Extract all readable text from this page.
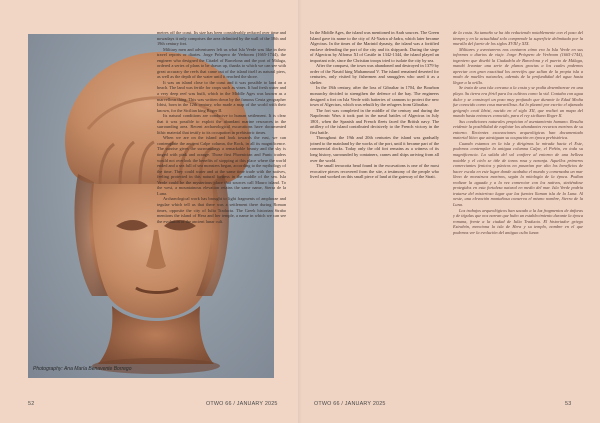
Photography: Ana María Benavente Borrego

metres off the coast. Its size has been considerably reduced over time and nowadays it only comprises the area delimited by the wall of the 18th and 19th century fort.

Military men and adventurers left us what Isla Verde was like in their travel reports or diaries. Jorge Próspero de Verboom (1665-1744), the engineer who designed the Citadel of Barcelona and the port of Málaga, ordered a series of plans to be drawn up, thanks to which we can see with great accuracy the reefs that came out of the island itself as natural piers, as well as the depth of the water until it reached the shore.

It was an island close to the coast and it was possible to land on a beach. The land was fertile for crops such as vines. It had fresh water and a very deep reef was built, which in the Middle Ages was known as a marvellous thing. This was written down by the famous Ceuta geographer Idrisi, born in the 12th century, who made a map of the world with their known, for the Sicilian king Roger II.

Its natural conditions are conducive to human settlement. It is clear that it was possible to exploit the abundant marine resources in the surrounding area. Recent archaeological excavations have documented lithic material that testify to its occupation in prehistoric times.

When we are on the island and look towards the east, we can contemplate the ancient Calpe column, the Rock, in all its magnificence. The sunrise gives the surroundings a remarkable beauty and the sky is tinged with pink and orange. Those first Phoenician and Punic traders would not overlook the benefits of stopping at this place where the world ended and a sea full of sea monsters began, according to the mythology of the time. They could water and at the same time trade with the natives, feeling protected in this natural fortress in the middle of the sea. Isla Verde could be the mysterious place that sources call Mauro island. To the west, a mountainous elevation retains the same name, Sierra de la Luna.

Archaeological work has brought to light fragments of amphorae and tegulae which tell us that there was a settlement there during Roman times, opposite the city of Iulia Traducta. The Greek historian Strabo mentions the island of Hera and her temple, a name in which we can see the evolution of the ancient lunar cult.

In the Middle Ages, the island was mentioned in Arab sources. The Green Island gave its name to the city of Al-Yazira al-Jadra, which later became Algeciras. In the times of the Marinid dynasty, the island was a fortified enclave defending the port of the city and its shipyards. During the siege of Algeciras by Alfonso XI of Castile in 1342-1344, the island played an important role, since the Christian troops tried to isolate the city by sea.

After the conquest, the town was abandoned and destroyed in 1379 by order of the Nasrid king Muhammad V. The island remained deserted for centuries, only visited by fishermen and smugglers who used it as a shelter.

In the 18th century, after the loss of Gibraltar in 1704, the Bourbon monarchy decided to strengthen the defence of the bay. The engineers designed a fort on Isla Verde with batteries of cannons to protect the new town of Algeciras, which was rebuilt by the refugees from Gibraltar.

The fort was completed in the middle of the century and during the Napoleonic Wars it took part in the naval battles of Algeciras in July 1801, when the Spanish and French fleets faced the British navy. The artillery of the island contributed decisively to the French victory in the first battle.

Throughout the 19th and 20th centuries the island was gradually joined to the mainland by the works of the port, until it became part of the commercial docks. Today only the old fort remains as a witness of its long history, surrounded by containers, cranes and ships arriving from all over the world.

The small terracotta head found in the excavations is one of the most evocative pieces recovered from the site, a testimony of the people who lived and worked on this small piece of land at the gateway of the Strait.

de la costa. Su tamaño se ha ido reduciendo notablemente con el paso del tiempo y en la actualidad solo comprende la superficie delimitada por la muralla del fuerte de los siglos XVIII y XIX.

Militares y aventureros nos contaron cómo era la Isla Verde en sus informes o diarios de viaje. Jorge Próspero de Verboom (1665-1744), ingeniero que diseñó la Ciudadela de Barcelona y el puerto de Málaga, mandó levantar una serie de planos gracias a los cuales podemos apreciar con gran exactitud los arrecifes que salían de la propia isla a modo de muelles naturales, además de la profundidad del agua hasta llegar a la orilla.

Se trata de una isla cercana a la costa y se podía desembarcar en una playa. Su tierra era fértil para los cultivos como la vid. Contaba con agua dulce y se construyó un pozo muy profundo que durante la Edad Media fue conocido como cosa maravillosa. Así lo plasmó por escrito el afamado geógrafo ceutí Idrisi, nacido en el siglo XII, que realizó un mapa del mundo hasta entonces conocido, para el rey siciliano Roger II.

Sus condiciones naturales propician el asentamiento humano. Resulta evidente la posibilidad de explotar los abundantes recursos marinos de su entorno. Recientes excavaciones arqueológicas han documentado material lítico que atestiguan su ocupación en época prehistórica.

Cuando estamos en la isla y dirigimos la mirada hacia el Este, podemos contemplar la antigua columna Calpe, el Peñón, en toda su magnificencia. La salida del sol confiere al entorno de una belleza notable y el cielo se tiñe de tonos rosa y naranja. Aquellos primeros comerciantes fenicios y púnicos no pasarían por alto los beneficios de hacer escala en este lugar donde acababa el mundo y comenzaba un mar lleno de monstruos marinos, según la mitología de la época. Podían realizar la aguada y a la vez comerciar con los nativos, sintiéndose protegidos en esta fortaleza natural en medio del mar. Isla Verde podría tratarse del misterioso lugar que las fuentes llaman isla de la Luna. Al oeste, una elevación montañosa conserva el mismo nombre, Sierra de la Luna.

Los trabajos arqueológicos han sacado a la luz fragmentos de ánforas y de tégulas que nos narran que hubo un establecimiento durante la época romana, frente a la ciudad de Iulia Traducta. El historiador griego Estrabón, menciona la isla de Hera y su templo, nombre en el que podemos ver la evolución del antiguo culto lunar.

52	OTWO 66 / JANUARY 2025	OTWO 66 / JANUARY 2025	53
